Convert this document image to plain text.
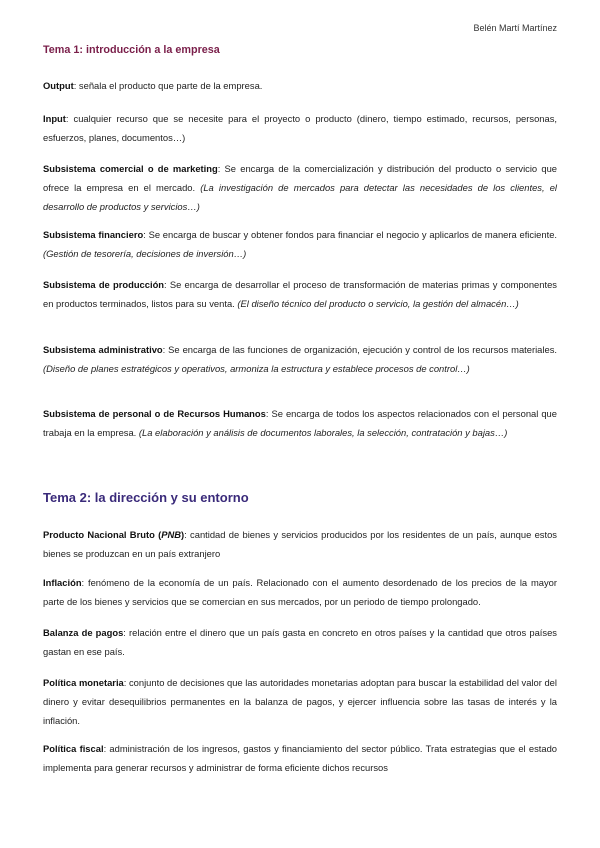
Belén Martí Martínez
Tema 1: introducción a la empresa

Output: señala el producto que parte de la empresa.

Input: cualquier recurso que se necesite para el proyecto o producto (dinero, tiempo estimado, recursos, personas, esfuerzos, planes, documentos…)

Subsistema comercial o de marketing: Se encarga de la comercialización y distribución del producto o servicio que ofrece la empresa en el mercado. (La investigación de mercados para detectar las necesidades de los clientes, el desarrollo de productos y servicios…)

Subsistema financiero: Se encarga de buscar y obtener fondos para financiar el negocio y aplicarlos de manera eficiente. (Gestión de tesorería, decisiones de inversión…)

Subsistema de producción: Se encarga de desarrollar el proceso de transformación de materias primas y componentes en productos terminados, listos para su venta. (El diseño técnico del producto o servicio, la gestión del almacén…)

Subsistema administrativo: Se encarga de las funciones de organización, ejecución y control de los recursos materiales. (Diseño de planes estratégicos y operativos, armoniza la estructura y establece procesos de control…)

Subsistema de personal o de Recursos Humanos: Se encarga de todos los aspectos relacionados con el personal que trabaja en la empresa. (La elaboración y análisis de documentos laborales, la selección, contratación y bajas…)

Tema 2: la dirección y su entorno

Producto Nacional Bruto (PNB): cantidad de bienes y servicios producidos por los residentes de un país, aunque estos bienes se produzcan en un país extranjero

Inflación: fenómeno de la economía de un país. Relacionado con el aumento desordenado de los precios de la mayor parte de los bienes y servicios que se comercian en sus mercados, por un periodo de tiempo prolongado.

Balanza de pagos: relación entre el dinero que un país gasta en concreto en otros países y la cantidad que otros países gastan en ese país.

Política monetaria: conjunto de decisiones que las autoridades monetarias adoptan para buscar la estabilidad del valor del dinero y evitar desequilibrios permanentes en la balanza de pagos, y ejercer influencia sobre las tasas de interés y la inflación.

Política fiscal: administración de los ingresos, gastos y financiamiento del sector público. Trata estrategias que el estado implementa para generar recursos y administrar de forma eficiente dichos recursos
